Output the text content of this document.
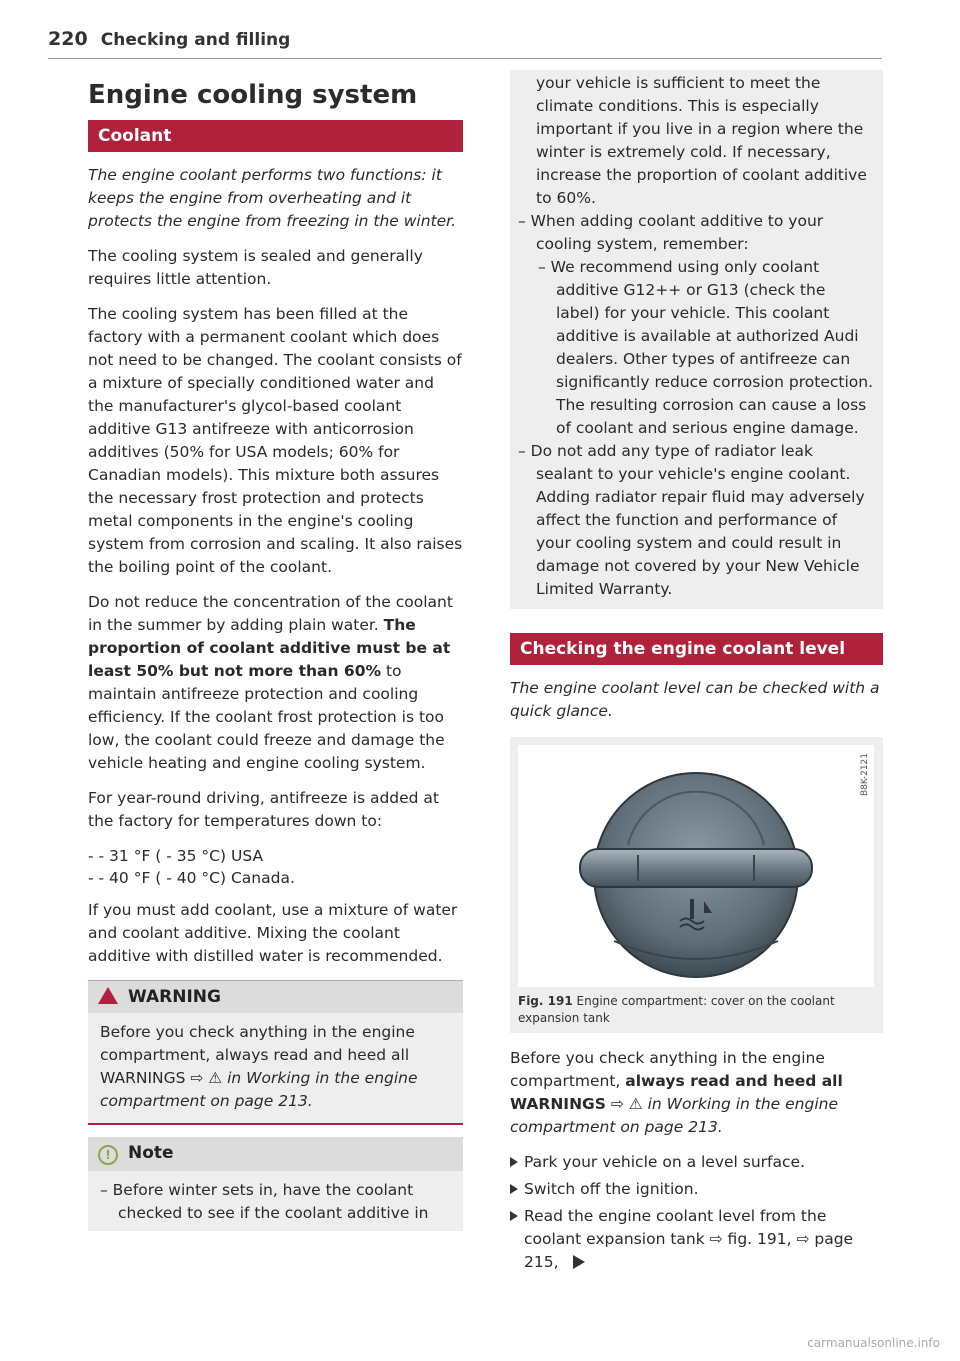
220 Checking and filling
Engine cooling system
Coolant

The engine coolant performs two functions: it keeps the engine from overheating and it protects the engine from freezing in the winter.

The cooling system is sealed and generally requires little attention.

The cooling system has been filled at the factory with a permanent coolant which does not need to be changed. The coolant consists of a mixture of specially conditioned water and the manufacturer's glycol-based coolant additive G13 antifreeze with anticorrosion additives (50% for USA models; 60% for Canadian models). This mixture both assures the necessary frost protection and protects metal components in the engine's cooling system from corrosion and scaling. It also raises the boiling point of the coolant.

Do not reduce the concentration of the coolant in the summer by adding plain water. The proportion of coolant additive must be at least 50% but not more than 60% to maintain antifreeze protection and cooling efficiency. If the coolant frost protection is too low, the coolant could freeze and damage the vehicle heating and engine cooling system.

For year-round driving, antifreeze is added at the factory for temperatures down to:

- - 31 °F ( - 35 °C) USA
- - 40 °F ( - 40 °C) Canada.

If you must add coolant, use a mixture of water and coolant additive. Mixing the coolant additive with distilled water is recommended.

WARNING

Before you check anything in the engine compartment, always read and heed all WARNINGS ⇨ ⚠ in Working in the engine compartment on page 213.

! Note

– Before winter sets in, have the coolant checked to see if the coolant additive in

your vehicle is sufficient to meet the climate conditions. This is especially important if you live in a region where the winter is extremely cold. If necessary, increase the proportion of coolant additive to 60%.

– When adding coolant additive to your cooling system, remember:

– We recommend using only coolant additive G12++ or G13 (check the label) for your vehicle. This coolant additive is available at authorized Audi dealers. Other types of antifreeze can significantly reduce corrosion protection. The resulting corrosion can cause a loss of coolant and serious engine damage.

– Do not add any type of radiator leak sealant to your vehicle's engine coolant. Adding radiator repair fluid may adversely affect the function and performance of your cooling system and could result in damage not covered by your New Vehicle Limited Warranty.

Checking the engine coolant level

The engine coolant level can be checked with a quick glance.

B8K-2121
Fig. 191 Engine compartment: cover on the coolant expansion tank

Before you check anything in the engine compartment, always read and heed all WARNINGS ⇨ ⚠ in Working in the engine compartment on page 213.

Park your vehicle on a level surface.

Switch off the ignition.

Read the engine coolant level from the coolant expansion tank ⇨ fig. 191, ⇨ page 215,

carmanualsonline.info
